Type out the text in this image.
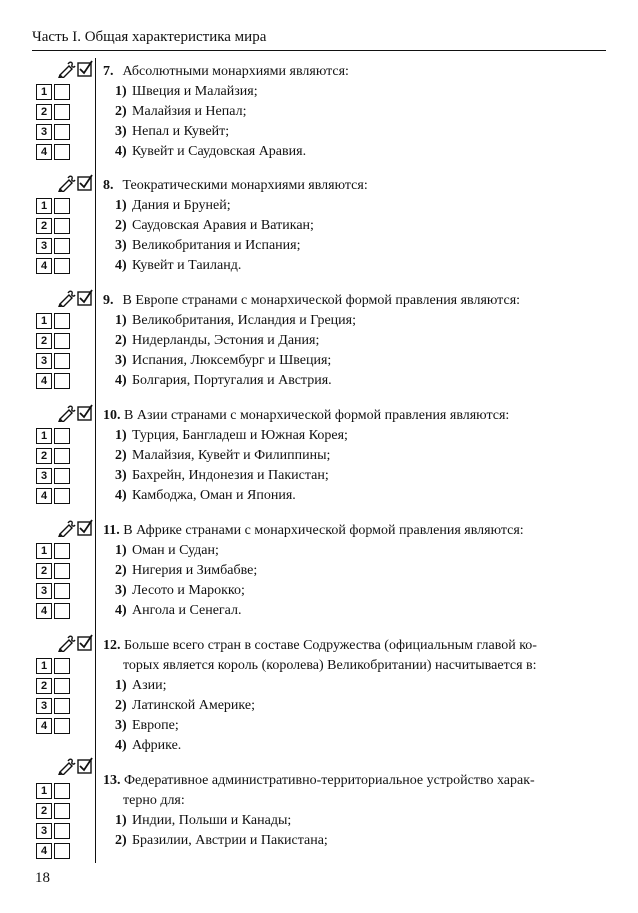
Часть I. Общая характеристика мира
1
2
3
4
7. Абсолютными монархиями являются:
1) Швеция и Малайзия;
2) Малайзия и Непал;
3) Непал и Кувейт;
4) Кувейт и Саудовская Аравия.
1
2
3
4
8. Теократическими монархиями являются:
1) Дания и Бруней;
2) Саудовская Аравия и Ватикан;
3) Великобритания и Испания;
4) Кувейт и Таиланд.
1
2
3
4
9. В Европе странами с монархической формой правления являются:
1) Великобритания, Исландия и Греция;
2) Нидерланды, Эстония и Дания;
3) Испания, Люксембург и Швеция;
4) Болгария, Португалия и Австрия.
1
2
3
4
10. В Азии странами с монархической формой правления являются:
1) Турция, Бангладеш и Южная Корея;
2) Малайзия, Кувейт и Филиппины;
3) Бахрейн, Индонезия и Пакистан;
4) Камбоджа, Оман и Япония.
1
2
3
4
11. В Африке странами с монархической формой правления являются:
1) Оман и Судан;
2) Нигерия и Зимбабве;
3) Лесото и Марокко;
4) Ангола и Сенегал.
1
2
3
4
12. Больше всего стран в составе Содружества (официальным главой ко-
торых является король (королева) Великобритании) насчитывается в:
1) Азии;
2) Латинской Америке;
3) Европе;
4) Африке.
1
2
3
4
13. Федеративное административно-территориальное устройство харак-
терно для:
1) Индии, Польши и Канады;
2) Бразилии, Австрии и Пакистана;
18
